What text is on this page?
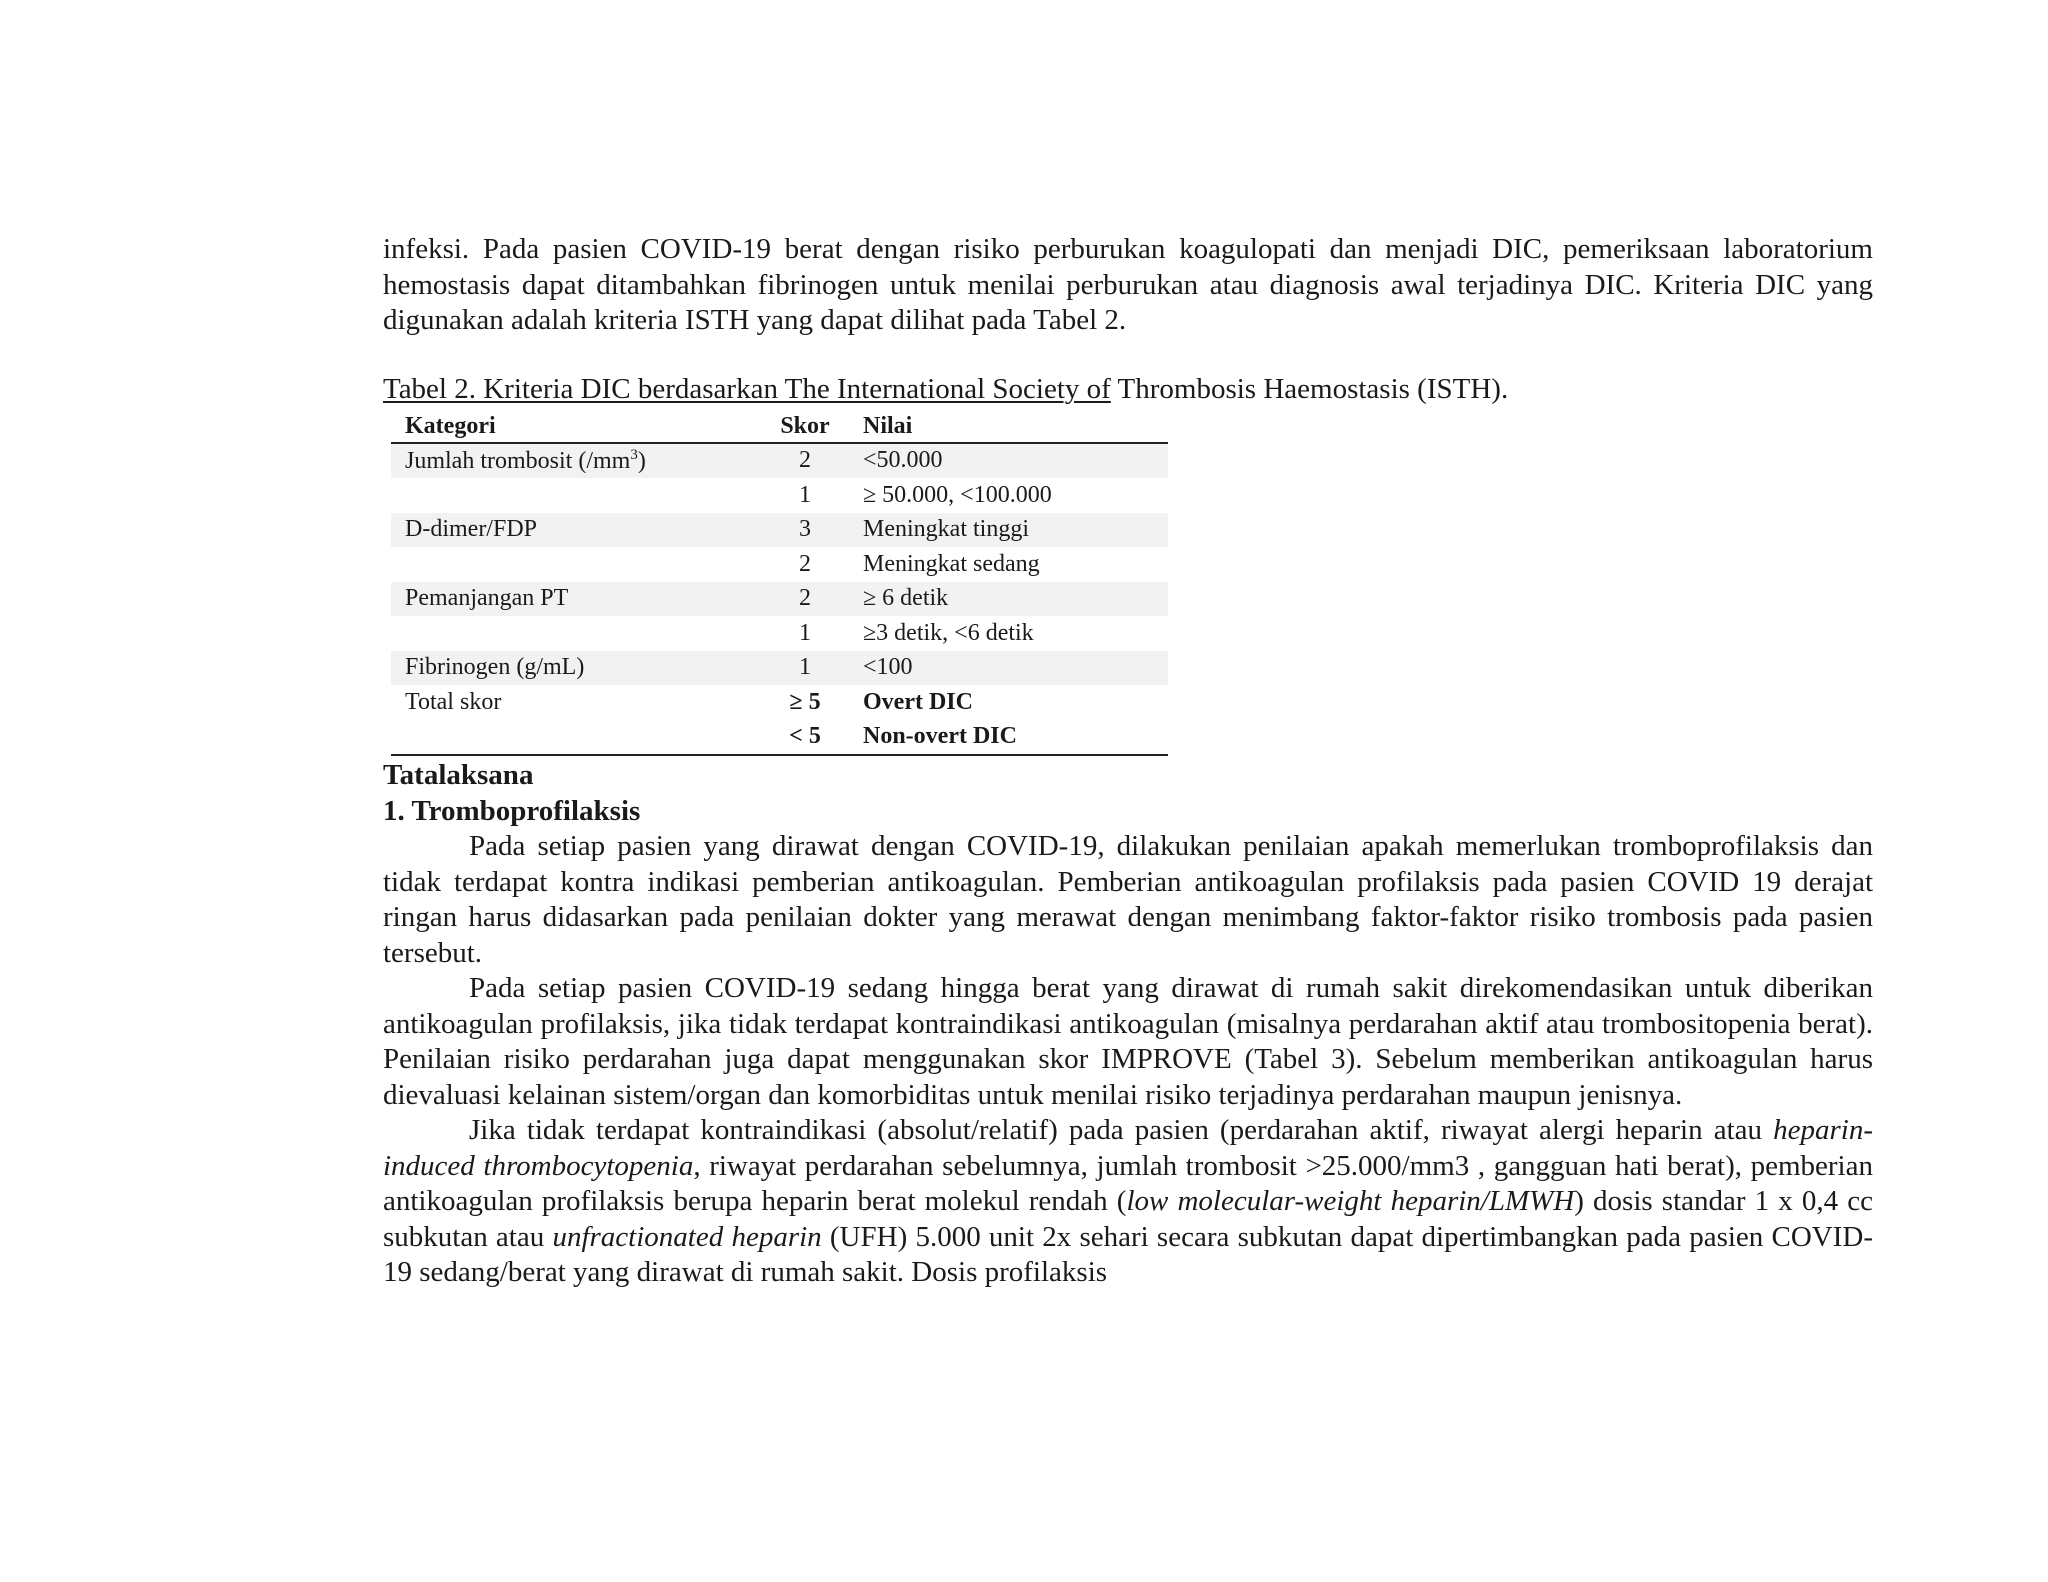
infeksi. Pada pasien COVID-19 berat dengan risiko perburukan koagulopati dan menjadi DIC, pemeriksaan laboratorium hemostasis dapat ditambahkan fibrinogen untuk menilai perburukan atau diagnosis awal terjadinya DIC. Kriteria DIC yang digunakan adalah kriteria ISTH yang dapat dilihat pada Tabel 2.

Tabel 2. Kriteria DIC berdasarkan The International Society of Thrombosis Haemostasis (ISTH).

Kategori	Skor	Nilai
Jumlah trombosit $(/mm^3)$	2	<50.000
	1	≥ 50.000, <100.000
D-dimer/FDP	3	Meningkat tinggi
	2	Meningkat sedang
Pemanjangan PT	2	≥ 6 detik
	1	≥3 detik, <6 detik
Fibrinogen (g/mL)	1	<100
Total skor	≥ 5	Overt DIC
	< 5	Non-overt DIC

Tatalaksana

1. Tromboprofilaksis

Pada setiap pasien yang dirawat dengan COVID-19, dilakukan penilaian apakah memerlukan tromboprofilaksis dan tidak terdapat kontra indikasi pemberian antikoagulan. Pemberian antikoagulan profilaksis pada pasien COVID 19 derajat ringan harus didasarkan pada penilaian dokter yang merawat dengan menimbang faktor-faktor risiko trombosis pada pasien tersebut.

Pada setiap pasien COVID-19 sedang hingga berat yang dirawat di rumah sakit direkomendasikan untuk diberikan antikoagulan profilaksis, jika tidak terdapat kontraindikasi antikoagulan (misalnya perdarahan aktif atau trombositopenia berat). Penilaian risiko perdarahan juga dapat menggunakan skor IMPROVE (Tabel 3). Sebelum memberikan antikoagulan harus dievaluasi kelainan sistem/organ dan komorbiditas untuk menilai risiko terjadinya perdarahan maupun jenisnya.

Jika tidak terdapat kontraindikasi (absolut/relatif) pada pasien (perdarahan aktif, riwayat alergi heparin atau heparin-induced thrombocytopenia, riwayat perdarahan sebelumnya, jumlah trombosit >25.000/mm3 , gangguan hati berat), pemberian antikoagulan profilaksis berupa heparin berat molekul rendah (low molecular-weight heparin/LMWH) dosis standar 1 x 0,4 cc subkutan atau unfractionated heparin (UFH) 5.000 unit 2x sehari secara subkutan dapat dipertimbangkan pada pasien COVID-19 sedang/berat yang dirawat di rumah sakit. Dosis profilaksis
